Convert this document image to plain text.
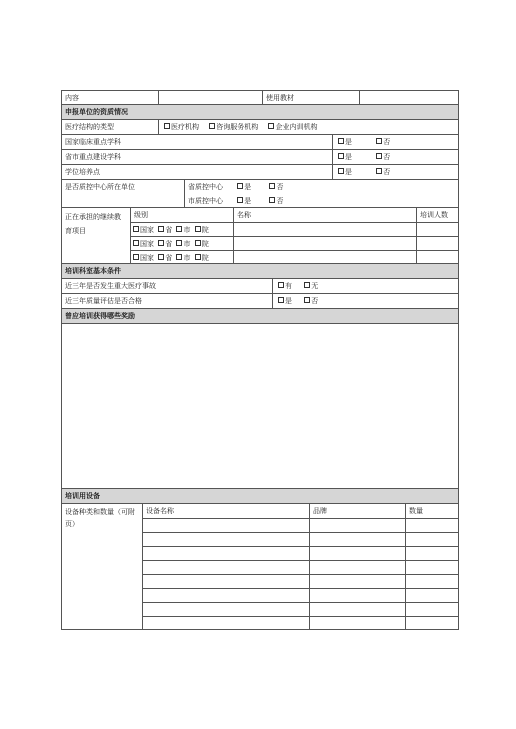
内容	使用教材
申报单位的资质情况
医疗结构的类型	医疗机构 咨询服务机构 企业内训机构
国家临床重点学科	是	否
省市重点建设学科	是	否
学位培养点	是	否
是否质控中心所在单位	省质控中心	是	否
市质控中心	是	否
正在承担的继续教育项目
级别	名称	培训人数
国家 省 市 院
国家 省 市 院
国家 省 市 院
培训科室基本条件
近三年是否发生重大医疗事故	有	无
近三年质量评估是否合格	是	否
曾应培训获得哪些奖励
培训用设备
设备种类和数量（可附页）
设备名称	品牌	数量
